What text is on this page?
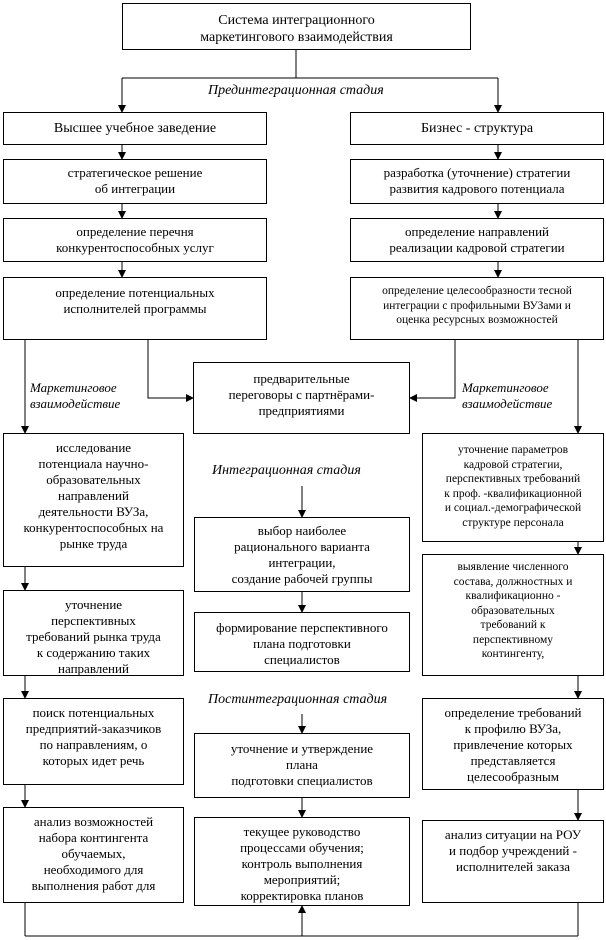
Система интеграционного
маркетингового взаимодействия
Прединтеграционная стадия
Интеграционная стадия
Постинтеграционная стадия
Маркетинговое
взаимодействие
Маркетинговое
взаимодействие
Высшее учебное заведение
стратегическое решение
об интеграции
определение перечня
конкурентоспособных услуг
определение потенциальных
исполнителей программы
исследование
потенциала научно-
образовательных
направлений
деятельности ВУЗа,
конкурентоспособных на
рынке труда
уточнение
перспективных
требований рынка труда
к содержанию таких
направлений
поиск потенциальных
предприятий-заказчиков
по направлениям, о
которых идет речь
анализ возможностей
набора контингента
обучаемых,
необходимого для
выполнения работ для
Бизнес - структура
разработка (уточнение) стратегии
развития кадрового потенциала
определение направлений
реализации кадровой стратегии
определение целесообразности тесной
интеграции с профильными ВУЗами и
оценка ресурсных возможностей
уточнение параметров
кадровой стратегии,
перспективных требований
к проф. -квалификационной
и социал.-демографической
структуре персонала
выявление численного
состава, должностных и
квалификационно -
образовательных
требований к
перспективному
контингенту,
определение требований
к профилю ВУЗа,
привлечение которых
представляется
целесообразным
анализ ситуации на РОУ
и подбор учреждений -
исполнителей заказа
предварительные
переговоры с партнёрами-
предприятиями
выбор наиболее
рационального варианта
интеграции,
создание рабочей группы
формирование перспективного
плана подготовки
специалистов
уточнение и утверждение
плана
подготовки специалистов
текущее руководство
процессами обучения;
контроль выполнения
мероприятий;
корректировка планов
